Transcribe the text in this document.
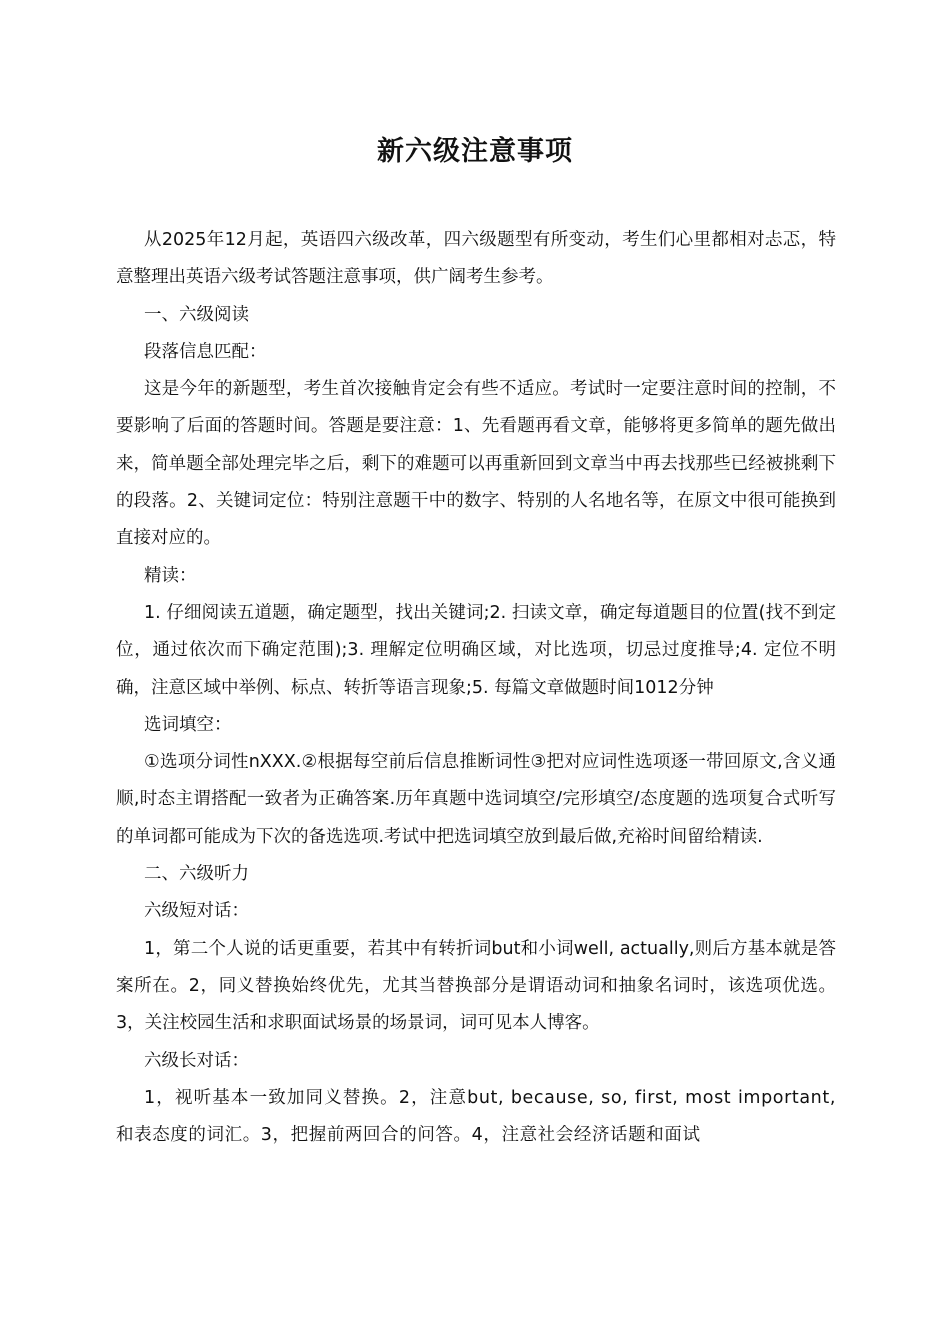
新六级注意事项

从2025年12月起，英语四六级改革，四六级题型有所变动，考生们心里都相对忐忑，特意整理出英语六级考试答题注意事项，供广阔考生参考。

一、六级阅读

段落信息匹配：

这是今年的新题型，考生首次接触肯定会有些不适应。考试时一定要注意时间的控制，不要影响了后面的答题时间。答题是要注意：1、先看题再看文章，能够将更多简单的题先做出来，简单题全部处理完毕之后，剩下的难题可以再重新回到文章当中再去找那些已经被挑剩下的段落。2、关键词定位：特别注意题干中的数字、特别的人名地名等，在原文中很可能换到直接对应的。

精读：

1. 仔细阅读五道题，确定题型，找出关键词;2. 扫读文章，确定每道题目的位置(找不到定位，通过依次而下确定范围);3. 理解定位明确区域，对比选项，切忌过度推导;4. 定位不明确，注意区域中举例、标点、转折等语言现象;5. 每篇文章做题时间1012分钟

选词填空：

①选项分词性nXXX.②根据每空前后信息推断词性③把对应词性选项逐一带回原文,含义通顺,时态主谓搭配一致者为正确答案.历年真题中选词填空/完形填空/态度题的选项复合式听写的单词都可能成为下次的备选选项.考试中把选词填空放到最后做,充裕时间留给精读.

二、六级听力

六级短对话：

1，第二个人说的话更重要，若其中有转折词but和小词well, actually,则后方基本就是答案所在。2，同义替换始终优先，尤其当替换部分是谓语动词和抽象名词时，该选项优选。3，关注校园生活和求职面试场景的场景词，词可见本人博客。

六级长对话：

1，视听基本一致加同义替换。2，注意but, because, so, first, most important, 和表态度的词汇。3，把握前两回合的问答。4，注意社会经济话题和面试
